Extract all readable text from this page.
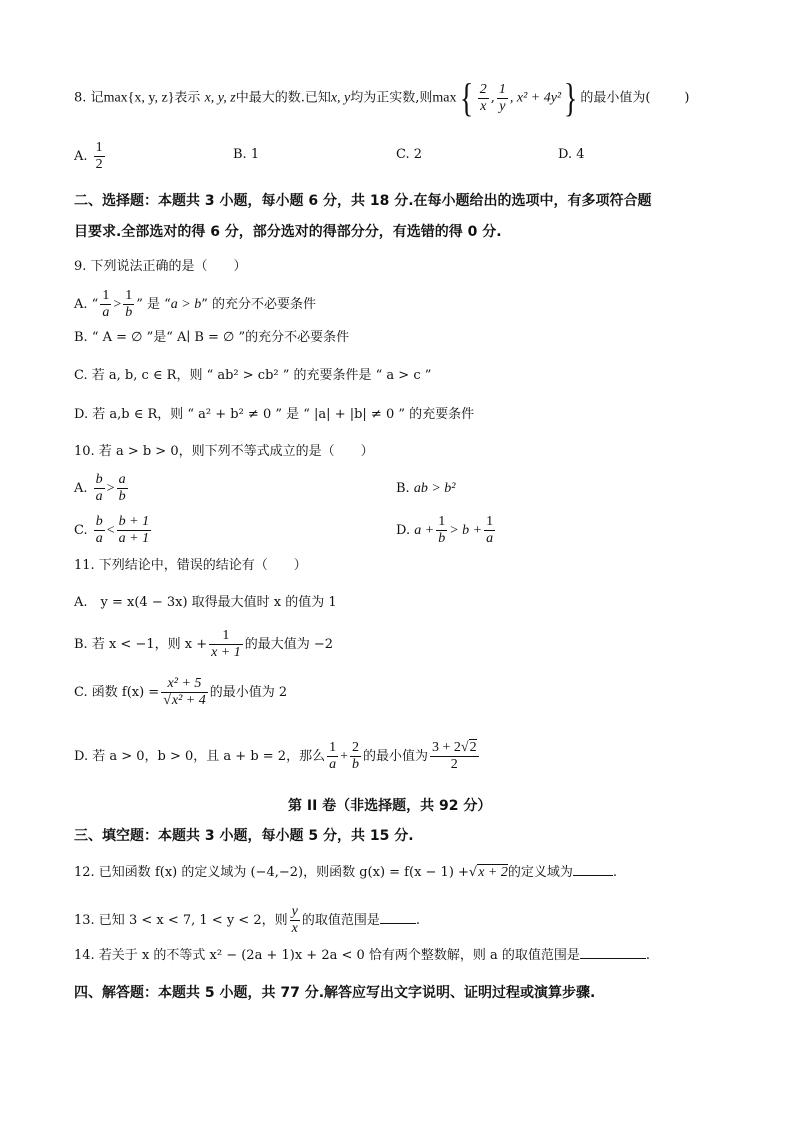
8. 记max{x, y, z}表示 x, y, z中最大的数.已知x, y均为正实数,则$\max\{ \frac{2}{x}$ , $\frac{1}{y}$ , x² + 4y²} 的最小值为(	)
A. $\frac{1}{2}$	B. 1	C. 2	D. 4
二、选择题：本题共 3 小题，每小题 6 分，共 18 分.在每小题给出的选项中，有多项符合题
目要求.全部选对的得 6 分，部分选对的得部分分，有选错的得 0 分.
9. 下列说法正确的是（　　）
A. “ $\frac{1}{a} > \frac{1}{b}$ ” 是 “a > b” 的充分不必要条件
B. “ A = ∅ ”是“ A∣ B = ∅ ”的充分不必要条件
C. 若 a, b, c ∈ R，则 “ ab² > cb² ” 的充要条件是 “ a > c ”
D. 若 a,b ∈ R，则 “ a² + b² ≠ 0 ” 是 “ |a| + |b| ≠ 0 ” 的充要条件
10. 若 a > b > 0，则下列不等式成立的是（　　）
A. $\frac{b}{a} > \frac{a}{b}$	B. ab > b²
C. $\frac{b}{a} < \frac{b + 1}{a + 1}$	D. $a + \frac{1}{b} > b + \frac{1}{a}$
11. 下列结论中，错误的结论有（　　）
A.　y = x(4 − 3x) 取得最大值时 x 的值为 1
B. 若 x < −1，则 $x + \frac{1}{x + 1}$ 的最大值为 −2
C. 函数 $f(x) = \frac{\text{x² + 5}}{\text{√x² + 4}}$ 的最小值为 2
D. 若 a > 0，b > 0，且 a + b = 2，那么 $\frac{1}{a} + \frac{2}{b}$ 的最小值为 $\frac{3 + 2√2}{2}$
第 II 卷（非选择题，共 92 分）
三、填空题：本题共 3 小题，每小题 5 分，共 15 分.
12. 已知函数 f(x) 的定义域为 (−4,−2)，则函数 g(x) = f(x − 1) +√x + 2的定义域为	.
13. 已知 3 < x < 7, 1 < y < 2，则 $\frac{y}{x}$ 的取值范围是	.
14. 若关于 x 的不等式 x² − (2a + 1)x + 2a < 0 恰有两个整数解，则 a 的取值范围是	.
四、解答题：本题共 5 小题，共 77 分.解答应写出文字说明、证明过程或演算步骤.
